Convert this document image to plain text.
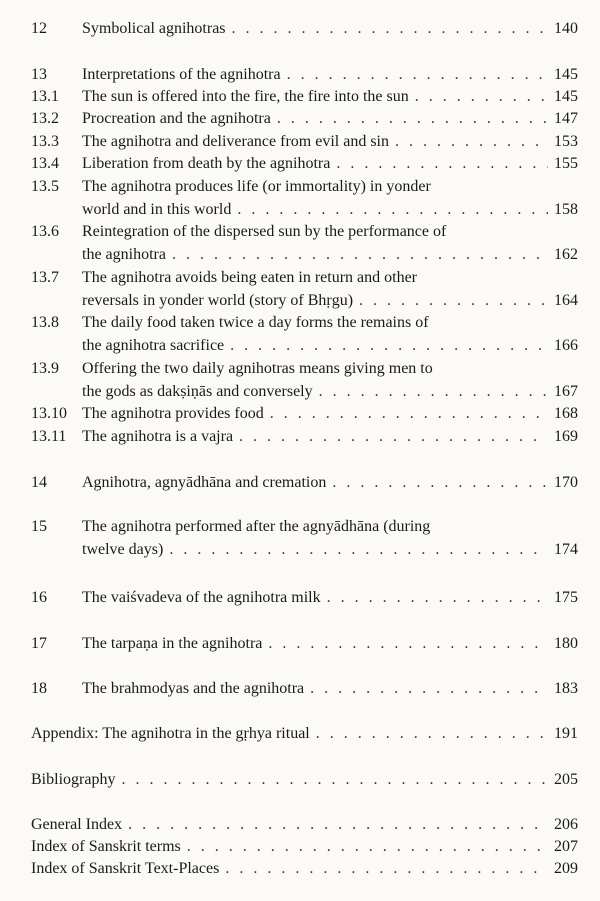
12 Symbolical agnihotras . . .	140
13 Interpretations of the agnihotra . . .	145
13.1 The sun is offered into the fire, the fire into the sun . . .	145
13.2 Procreation and the agnihotra . . .	147
13.3 The agnihotra and deliverance from evil and sin . . .	153
13.4 Liberation from death by the agnihotra . . .	155
13.5 The agnihotra produces life (or immortality) in yonder
world and in this world . . .	158
13.6 Reintegration of the dispersed sun by the performance of
the agnihotra . . .	162
13.7 The agnihotra avoids being eaten in return and other
reversals in yonder world (story of Bhṛgu) . . .	164
13.8 The daily food taken twice a day forms the remains of
the agnihotra sacrifice . . .	166
13.9 Offering the two daily agnihotras means giving men to
the gods as dakṣiṇās and conversely . . .	167
13.10 The agnihotra provides food . . .	168
13.11 The agnihotra is a vajra . . .	169
14 Agnihotra, agnyādhāna and cremation . . .	170
15 The agnihotra performed after the agnyādhāna (during
twelve days) . . .	174
16 The vaiśvadeva of the agnihotra milk . . .	175
17 The tarpaṇa in the agnihotra . . .	180
18 The brahmodyas and the agnihotra . . .	183
Appendix: The agnihotra in the gṛhya ritual . . .	191
Bibliography . . .	205
General Index . . .	206
Index of Sanskrit terms . . .	207
Index of Sanskrit Text-Places . . .	209
